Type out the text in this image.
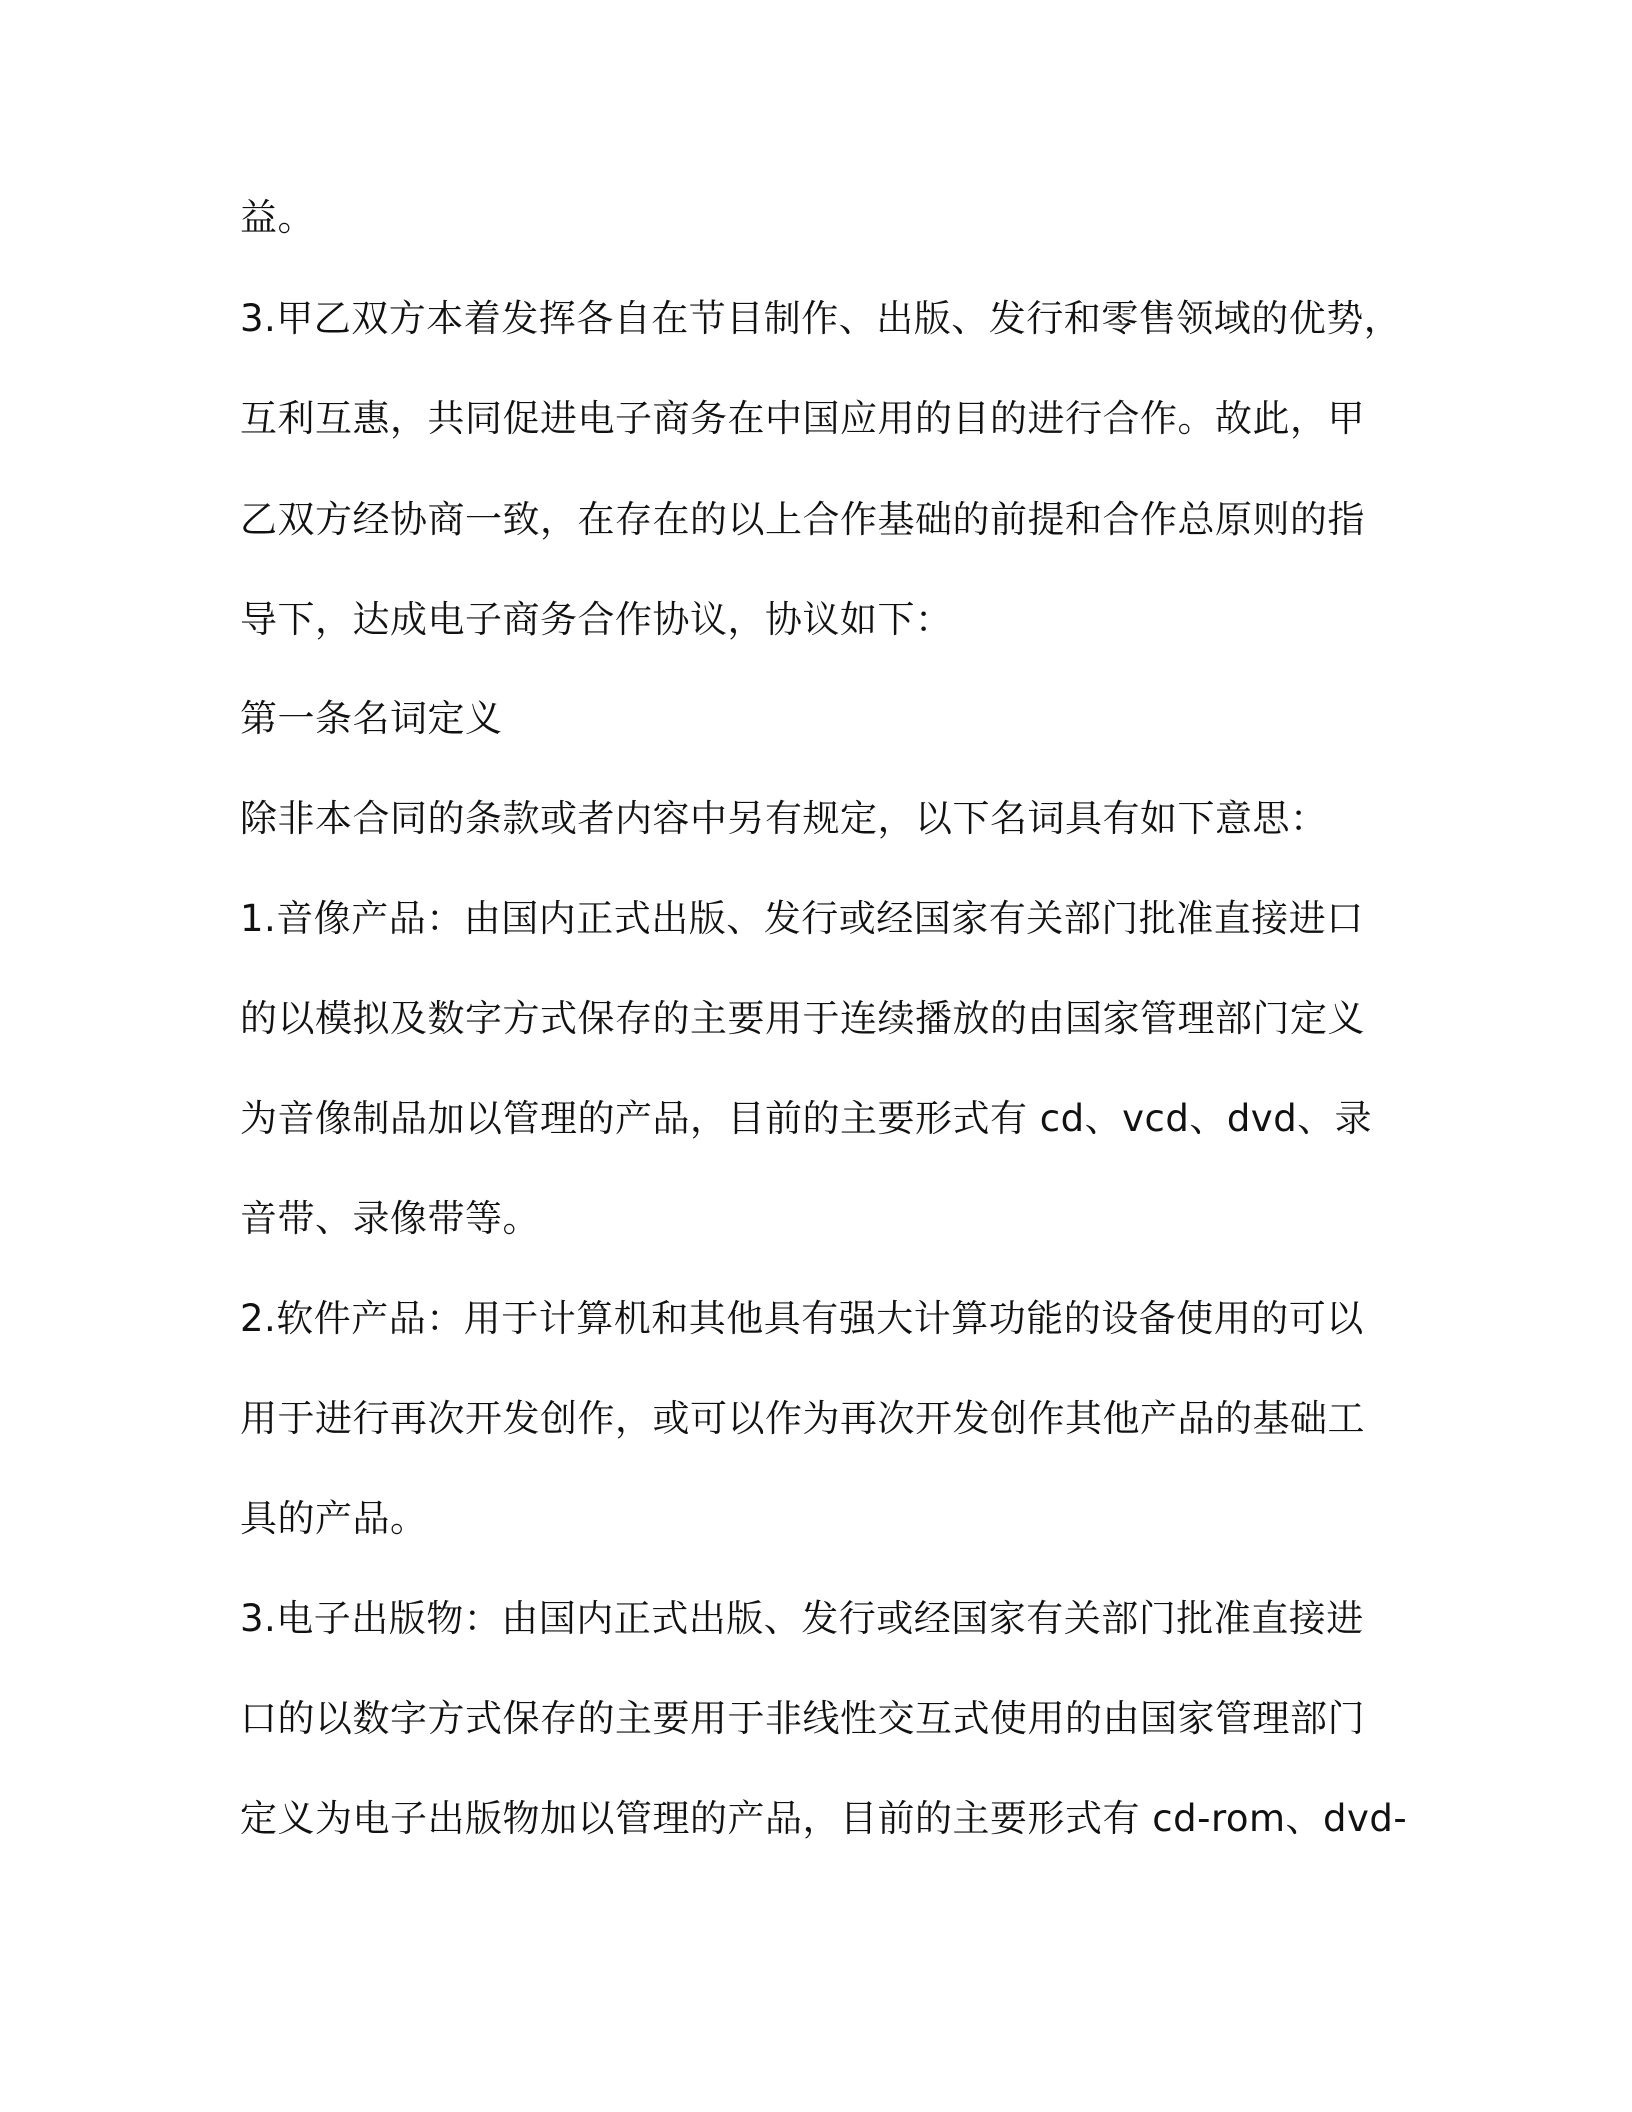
益。
3.甲乙双方本着发挥各自在节目制作、出版、发行和零售领域的优势，
互利互惠，共同促进电子商务在中国应用的目的进行合作。故此，甲
乙双方经协商一致，在存在的以上合作基础的前提和合作总原则的指
导下，达成电子商务合作协议，协议如下：
第一条名词定义
除非本合同的条款或者内容中另有规定，以下名词具有如下意思：
1.音像产品：由国内正式出版、发行或经国家有关部门批准直接进口
的以模拟及数字方式保存的主要用于连续播放的由国家管理部门定义
为音像制品加以管理的产品，目前的主要形式有 cd、vcd、dvd、录
音带、录像带等。
2.软件产品：用于计算机和其他具有强大计算功能的设备使用的可以
用于进行再次开发创作，或可以作为再次开发创作其他产品的基础工
具的产品。
3.电子出版物：由国内正式出版、发行或经国家有关部门批准直接进
口的以数字方式保存的主要用于非线性交互式使用的由国家管理部门
定义为电子出版物加以管理的产品，目前的主要形式有 cd-rom、dvd-
